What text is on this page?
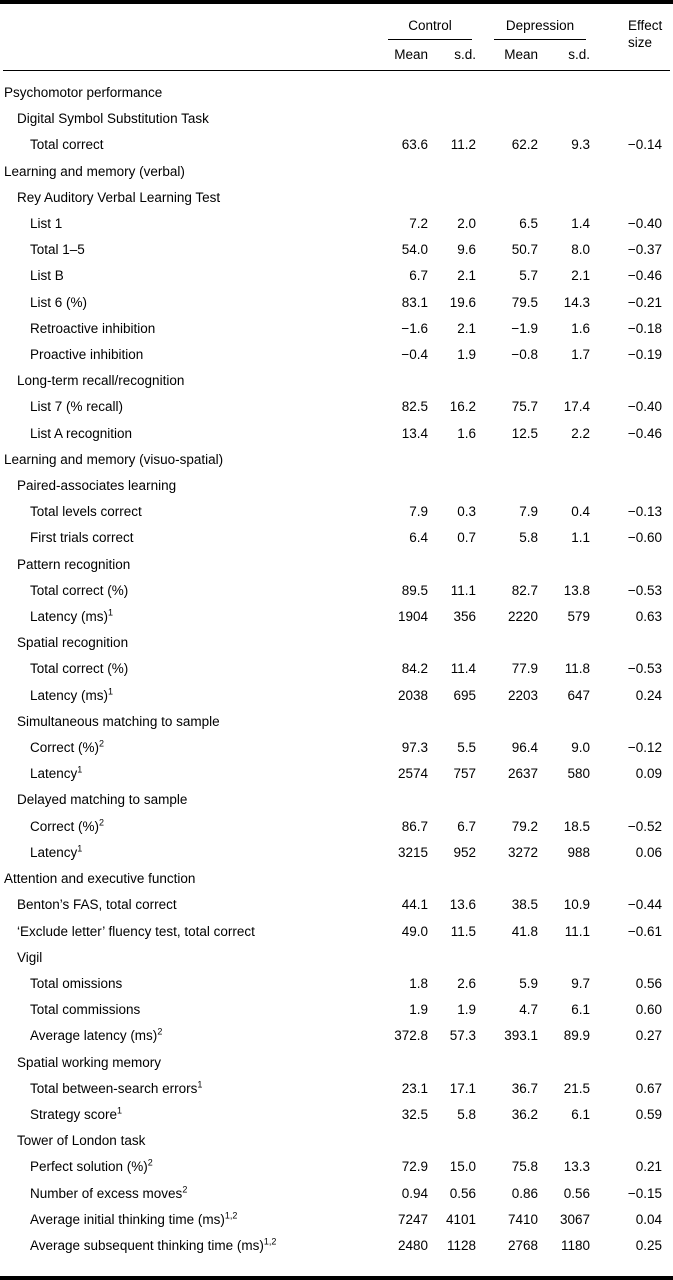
	Control		Depression		Effect size
	Mean	s.d.	Mean	s.d.	
Psychomotor performance					
Digital Symbol Substitution Task					
Total correct	63.6	11.2	62.2	9.3	−0.14
Learning and memory (verbal)					
Rey Auditory Verbal Learning Test					
List 1	7.2	2.0	6.5	1.4	−0.40
Total 1–5	54.0	9.6	50.7	8.0	−0.37
List B	6.7	2.1	5.7	2.1	−0.46
List 6 (%)	83.1	19.6	79.5	14.3	−0.21
Retroactive inhibition	−1.6	2.1	−1.9	1.6	−0.18
Proactive inhibition	−0.4	1.9	−0.8	1.7	−0.19
Long-term recall/recognition					
List 7 (% recall)	82.5	16.2	75.7	17.4	−0.40
List A recognition	13.4	1.6	12.5	2.2	−0.46
Learning and memory (visuo-spatial)					
Paired-associates learning					
Total levels correct	7.9	0.3	7.9	0.4	−0.13
First trials correct	6.4	0.7	5.8	1.1	−0.60
Pattern recognition					
Total correct (%)	89.5	11.1	82.7	13.8	−0.53
Latency (ms)$^1$	1904	356	2220	579	0.63
Spatial recognition					
Total correct (%)	84.2	11.4	77.9	11.8	−0.53
Latency (ms)$^1$	2038	695	2203	647	0.24
Simultaneous matching to sample					
Correct (%)$^2$	97.3	5.5	96.4	9.0	−0.12
Latency$^1$	2574	757	2637	580	0.09
Delayed matching to sample					
Correct (%)$^2$	86.7	6.7	79.2	18.5	−0.52
Latency$^1$	3215	952	3272	988	0.06
Attention and executive function					
Benton’s FAS, total correct	44.1	13.6	38.5	10.9	−0.44
‘Exclude letter’ fluency test, total correct	49.0	11.5	41.8	11.1	−0.61
Vigil					
Total omissions	1.8	2.6	5.9	9.7	0.56
Total commissions	1.9	1.9	4.7	6.1	0.60
Average latency (ms)$^2$	372.8	57.3	393.1	89.9	0.27
Spatial working memory					
Total between-search errors$^1$	23.1	17.1	36.7	21.5	0.67
Strategy score$^1$	32.5	5.8	36.2	6.1	0.59
Tower of London task					
Perfect solution (%)$^2$	72.9	15.0	75.8	13.3	0.21
Number of excess moves$^2$	0.94	0.56	0.86	0.56	−0.15
Average initial thinking time (ms)$^{1,2}$	7247	4101	7410	3067	0.04
Average subsequent thinking time (ms)$^{1,2}$	2480	1128	2768	1180	0.25
